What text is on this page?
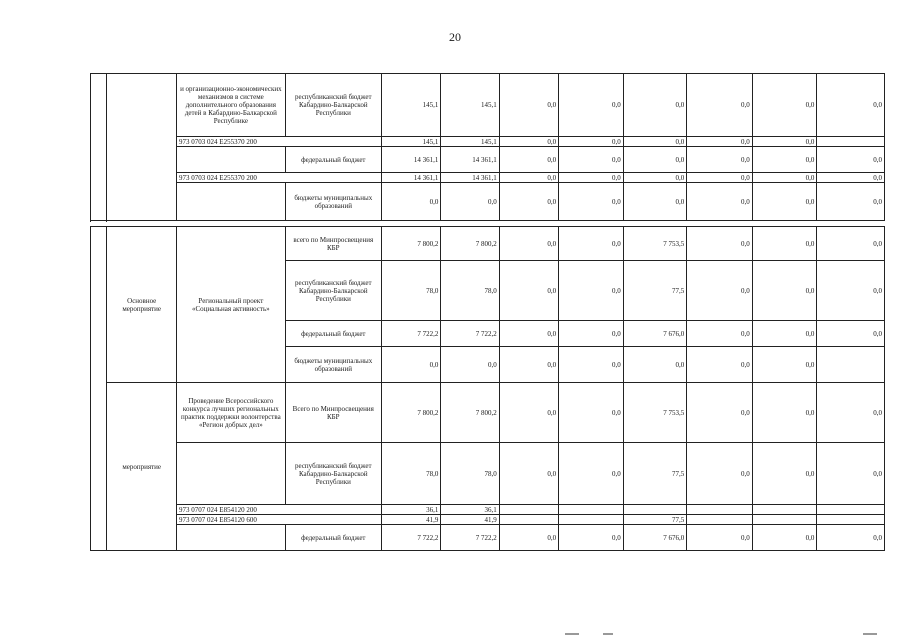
20
		и организационно-экономических механизмов в системе дополнительного образования детей в Кабардино-Балкарской Республике	республиканский бюджет Кабардино-Балкарской Республики	145,1	145,1	0,0	0,0	0,0	0,0	0,0	0,0
		973 0703 024 E255370 200		145,1	145,1	0,0	0,0	0,0	0,0	0,0	
			федеральный бюджет	14 361,1	14 361,1	0,0	0,0	0,0	0,0	0,0	0,0
		973 0703 024 E255370 200		14 361,1	14 361,1	0,0	0,0	0,0	0,0	0,0	0,0
			бюджеты муниципальных образований	0,0	0,0	0,0	0,0	0,0	0,0	0,0	0,0

	Основное мероприятие	Региональный проект «Социальная активность»	всего по Минпросвещения КБР	7 800,2	7 800,2	0,0	0,0	7 753,5	0,0	0,0	0,0
			республиканский бюджет Кабардино-Балкарской Республики	78,0	78,0	0,0	0,0	77,5	0,0	0,0	0,0
			федеральный бюджет	7 722,2	7 722,2	0,0	0,0	7 676,0	0,0	0,0	0,0
			бюджеты муниципальных образований	0,0	0,0	0,0	0,0	0,0	0,0	0,0	
	мероприятие	Проведение Всероссийского конкурса лучших региональных практик поддержки волонтерства «Регион добрых дел»	Всего по Минпросвещения КБР	7 800,2	7 800,2	0,0	0,0	7 753,5	0,0	0,0	0,0
			республиканский бюджет Кабардино-Балкарской Республики	78,0	78,0	0,0	0,0	77,5	0,0	0,0	0,0
		973 0707 024 E854120 200		36,1	36,1						
		973 0707 024 E854120 600		41,9	41,9			77,5			
			федеральный бюджет	7 722,2	7 722,2	0,0	0,0	7 676,0	0,0	0,0	0,0
